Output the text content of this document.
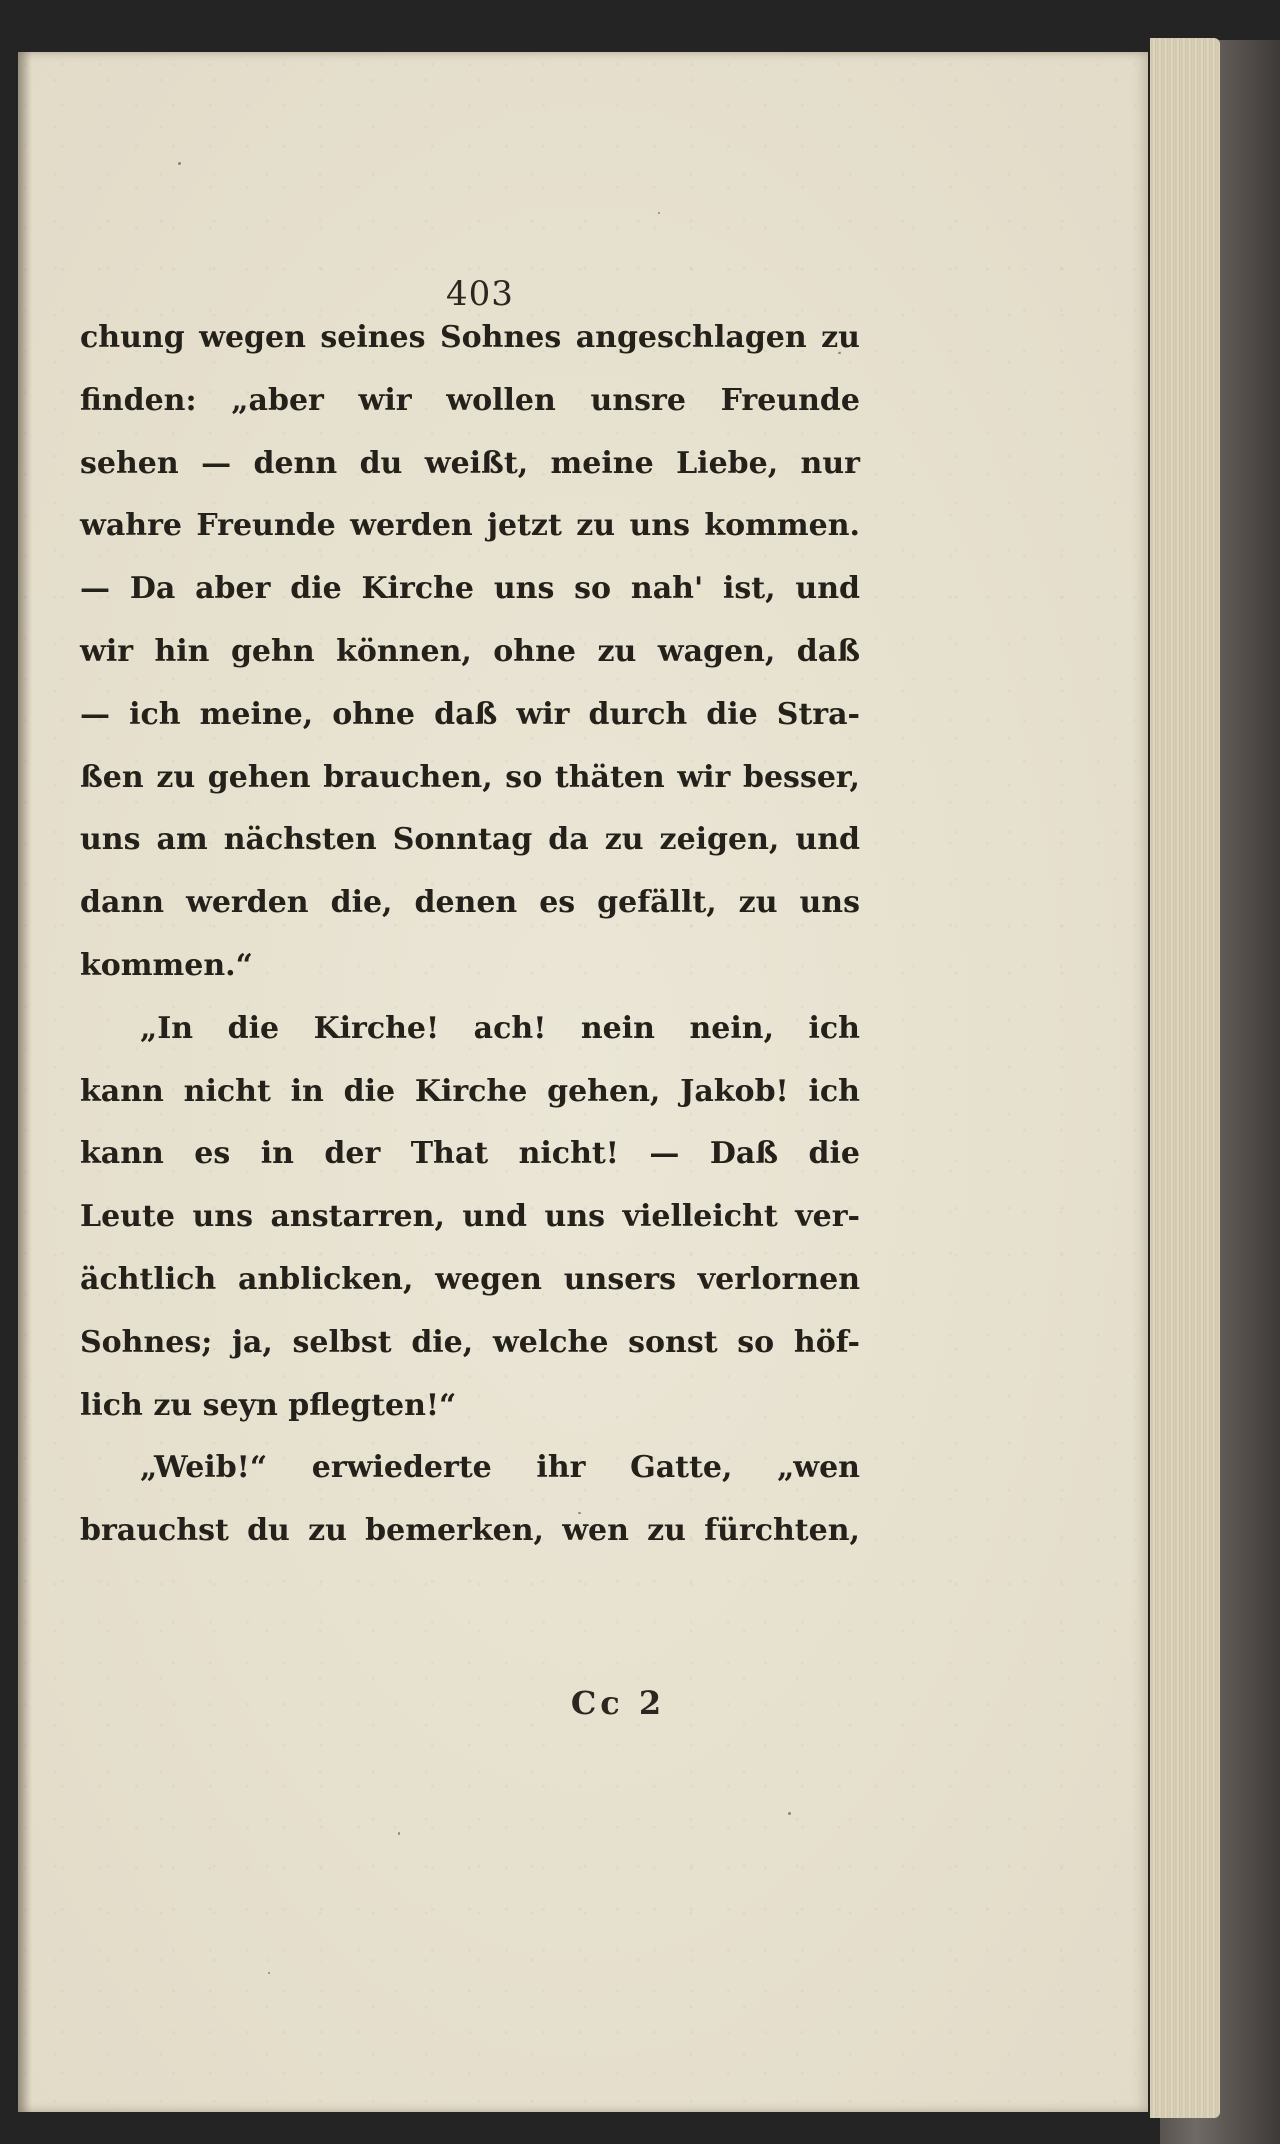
403
chung wegen seines Sohnes angeschlagen zu
finden: „aber wir wollen unsre Freunde
sehen — denn du weißt, meine Liebe, nur
wahre Freunde werden jetzt zu uns kommen.
— Da aber die Kirche uns so nah' ist, und
wir hin gehn können, ohne zu wagen, daß
— ich meine, ohne daß wir durch die Stra-
ßen zu gehen brauchen, so thäten wir besser,
uns am nächsten Sonntag da zu zeigen, und
dann werden die, denen es gefällt, zu uns
kommen.“
„In die Kirche! ach! nein nein, ich
kann nicht in die Kirche gehen, Jakob! ich
kann es in der That nicht! — Daß die
Leute uns anstarren, und uns vielleicht ver-
ächtlich anblicken, wegen unsers verlornen
Sohnes; ja, selbst die, welche sonst so höf-
lich zu seyn pflegten!“
„Weib!“ erwiederte ihr Gatte, „wen
brauchst du zu bemerken, wen zu fürchten,
Cc 2
